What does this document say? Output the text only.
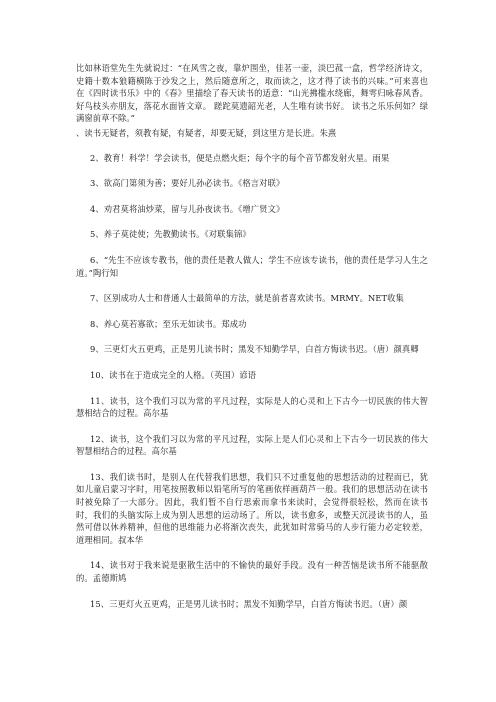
比如林语堂先生先就说过：“在风雪之夜，靠炉围坐，佳茗一壶，淡巴菰一盒，哲学经济诗文，史籍十数本狼籍横陈于沙发之上，然后随意所之，取而读之，这才得了读书的兴味。”可来喜也在《四时读书乐》中的《春》里描绘了春天读书的适意：“山光拂槛水绕廊，舞雩归咏春风香。好鸟枝头亦朋友，落花水面皆文章。 蹉跎莫遗韶光老，人生唯有读书好。 读书之乐乐何如？绿满窗前草不除。”

、读书无疑者，须教有疑，有疑者，却要无疑，到这里方是长进。朱熹

2、教育！科学！学会读书，便是点燃火炬；每个字的每个音节都发射火星。雨果

3、欲高门第须为善；要好儿孙必读书。《格言对联》

4、劝君莫将油炒菜，留与儿孙夜读书。《增广贤文》

5、养子莫徒使；先教勤读书。《对联集锦》

6、“先生不应该专教书，他的责任是教人做人；学生不应该专读书，他的责任是学习人生之道。”陶行知

7、区别成功人士和普通人士最简单的方法，就是前者喜欢读书。MRMY。NET收集

8、养心莫若寡欲；至乐无如读书。郑成功

9、三更灯火五更鸡，正是男儿读书时；黑发不知勤学早，白首方悔读书迟。（唐）颜真卿

10、读书在于造成完全的人格。（英国）谚语

11、读书，这个我们习以为常的平凡过程，实际是人的心灵和上下古今一切民族的伟大智慧相结合的过程。高尔基

12、读书，这个我们习以为常的平凡过程，实际上是人们心灵和上下古今一切民族的伟大智慧相结合的过程。高尔基

13、我们读书时，是别人在代替我们思想，我们只不过重复他的思想活动的过程而已，犹如儿童启蒙习字时，用笔按照教师以铅笔所写的笔画依样画葫芦一般。我们的思想活动在读书时被免除了一大部分。因此，我们暂不自行思索而拿书来读时，会觉得很轻松，然而在读书时，我们的头脑实际上成为别人思想的运动场了。所以，读书愈多，或整天沉浸读书的人，虽然可借以休养精神，但他的思维能力必将渐次丧失，此犹如时常骑马的人步行能力必定较差，道理相同。叔本华

14、读书对于我来说是驱散生活中的不愉快的最好手段。没有一种苦恼是读书所不能驱散的。孟德斯鸠

15、三更灯火五更鸡，正是男儿读书时；黑发不知勤学早，白首方悔读书迟。（唐）颜
